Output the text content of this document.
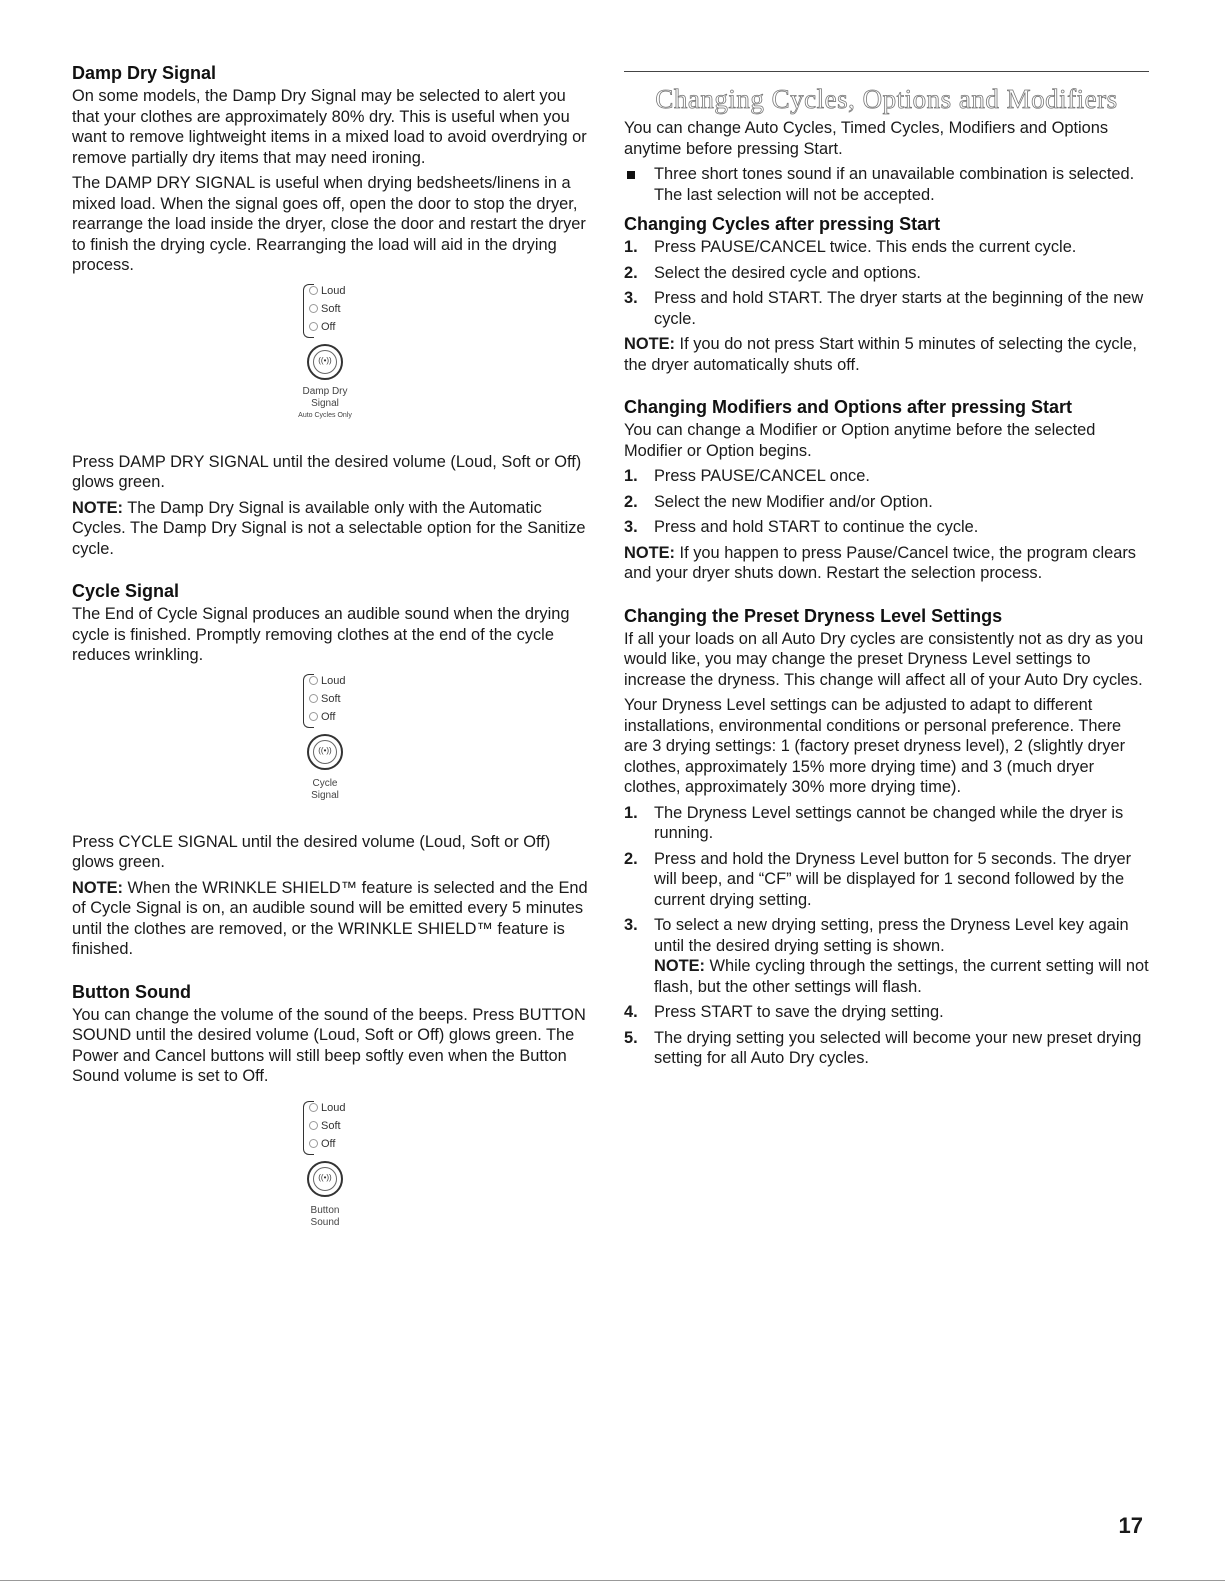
Damp Dry Signal

On some models, the Damp Dry Signal may be selected to alert you that your clothes are approximately 80% dry. This is useful when you want to remove lightweight items in a mixed load to avoid overdrying or remove partially dry items that may need ironing.

The DAMP DRY SIGNAL is useful when drying bedsheets/linens in a mixed load. When the signal goes off, open the door to stop the dryer, rearrange the load inside the dryer, close the door and restart the dryer to finish the drying cycle. Rearranging the load will aid in the drying process.

Loud
Soft
Off
((•))
Damp Dry
Signal
Auto Cycles Only

Press DAMP DRY SIGNAL until the desired volume (Loud, Soft or Off) glows green.

NOTE: The Damp Dry Signal is available only with the Automatic Cycles. The Damp Dry Signal is not a selectable option for the Sanitize cycle.

Cycle Signal

The End of Cycle Signal produces an audible sound when the drying cycle is finished. Promptly removing clothes at the end of the cycle reduces wrinkling.

Loud
Soft
Off
((•))
Cycle
Signal

Press CYCLE SIGNAL until the desired volume (Loud, Soft or Off) glows green.

NOTE: When the WRINKLE SHIELD™ feature is selected and the End of Cycle Signal is on, an audible sound will be emitted every 5 minutes until the clothes are removed, or the WRINKLE SHIELD™ feature is finished.

Button Sound

You can change the volume of the sound of the beeps. Press BUTTON SOUND until the desired volume (Loud, Soft or Off) glows green. The Power and Cancel buttons will still beep softly even when the Button Sound volume is set to Off.

Loud
Soft
Off
((•))
Button
Sound
Changing Cycles, Options and Modifiers

You can change Auto Cycles, Timed Cycles, Modifiers and Options anytime before pressing Start.

Three short tones sound if an unavailable combination is selected. The last selection will not be accepted.
Changing Cycles after pressing Start
1. Press PAUSE/CANCEL twice. This ends the current cycle.
2. Select the desired cycle and options.
3. Press and hold START. The dryer starts at the beginning of the new cycle.

NOTE: If you do not press Start within 5 minutes of selecting the cycle, the dryer automatically shuts off.

Changing Modifiers and Options after pressing Start

You can change a Modifier or Option anytime before the selected Modifier or Option begins.

1. Press PAUSE/CANCEL once.
2. Select the new Modifier and/or Option.
3. Press and hold START to continue the cycle.

NOTE: If you happen to press Pause/Cancel twice, the program clears and your dryer shuts down. Restart the selection process.

Changing the Preset Dryness Level Settings

If all your loads on all Auto Dry cycles are consistently not as dry as you would like, you may change the preset Dryness Level settings to increase the dryness. This change will affect all of your Auto Dry cycles.

Your Dryness Level settings can be adjusted to adapt to different installations, environmental conditions or personal preference. There are 3 drying settings: 1 (factory preset dryness level), 2 (slightly dryer clothes, approximately 15% more drying time) and 3 (much dryer clothes, approximately 30% more drying time).

1. The Dryness Level settings cannot be changed while the dryer is running.
2. Press and hold the Dryness Level button for 5 seconds. The dryer will beep, and “CF” will be displayed for 1 second followed by the current drying setting.
3. To select a new drying setting, press the Dryness Level key again until the desired drying setting is shown.
NOTE: While cycling through the settings, the current setting will not flash, but the other settings will flash.
4. Press START to save the drying setting.
5. The drying setting you selected will become your new preset drying setting for all Auto Dry cycles.
17
